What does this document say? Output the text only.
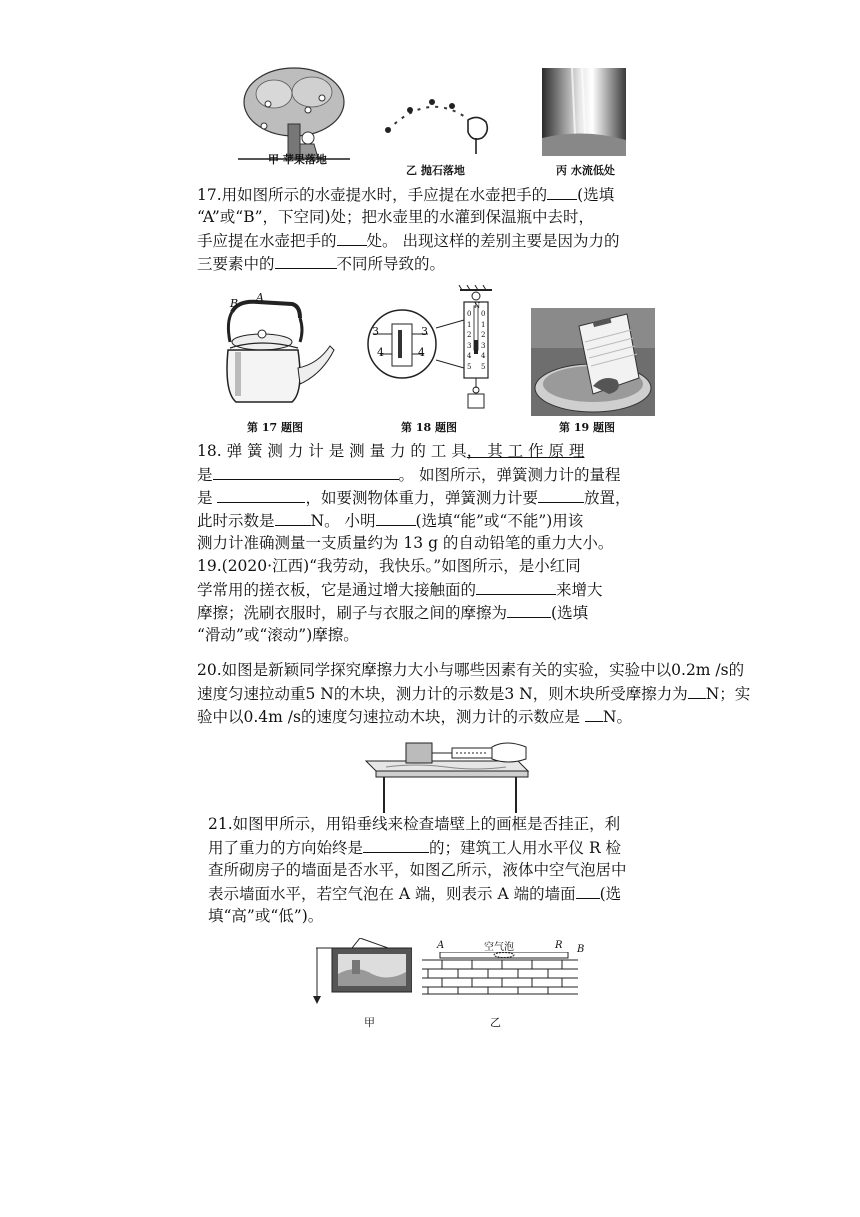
甲 苹果落地
乙 抛石落地	丙 水流低处
17.用如图所示的水壶提水时，手应提在水壶把手的 (选填
“A”或“B”，下空同)处；把水壶里的水灌到保温瓶中去时，
手应提在水壶把手的 处。 出现这样的差别主要是因为力的
三要素中的	不同所导致的。
B A
第 17 题图
3
4
3
4
N
0
1
2
3
4
5
0
1
2
3
4
5
第 18 题图	第 19 题图
18. 弹 簧 测 力 计 是 测 量 力 的 工 具， 其 工 作 原 理
是	。 如图所示，弹簧测力计的量程
是	，如要测物体重力，弹簧测力计要	放置，
此时示数是 N。 小明	(选填“能”或“不能”)用该
测力计准确测量一支质量约为 13 g 的自动铅笔的重力大小。
19.(2020·江西)“我劳动，我快乐。”如图所示，是小红同
学常用的搓衣板，它是通过增大接触面的	来增大
摩擦；洗刷衣服时，刷子与衣服之间的摩擦为	(选填
“滑动”或“滚动”)摩擦。
20.如图是新颖同学探究摩擦力大小与哪些因素有关的实验，实验中以0.2m /s的
速度匀速拉动重5 N的木块，测力计的示数是3 N，则木块所受摩擦力为 N；实
验中以0.4m /s的速度匀速拉动木块，测力计的示数应是 N。
21.如图甲所示，用铅垂线来检查墙壁上的画框是否挂正，利
用了重力的方向始终是	的；建筑工人用水平仪 R 检
查所砌房子的墙面是否水平，如图乙所示，液体中空气泡居中
表示墙面水平，若空气泡在 A 端，则表示 A 端的墙面 (选
填“高”或“低”)。
甲
A	空气泡	R B
乙
